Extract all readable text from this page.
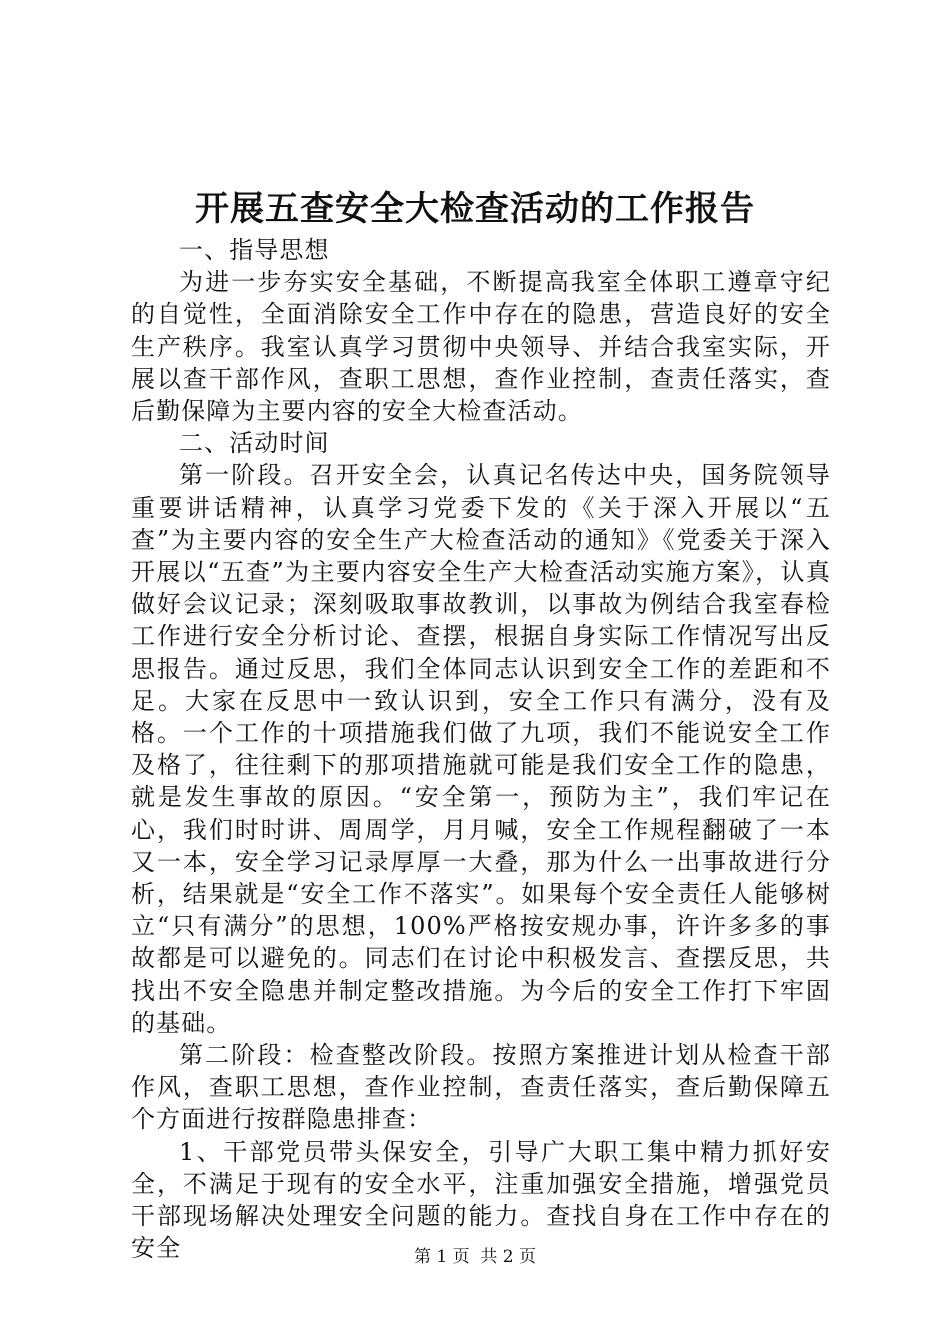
开展五查安全大检查活动的工作报告

一、指导思想

为进一步夯实安全基础，不断提高我室全体职工遵章守纪的自觉性，全面消除安全工作中存在的隐患，营造良好的安全生产秩序。我室认真学习贯彻中央领导、并结合我室实际，开展以查干部作风，查职工思想，查作业控制，查责任落实，查后勤保障为主要内容的安全大检查活动。

二、活动时间

第一阶段。召开安全会，认真记名传达中央，国务院领导重要讲话精神，认真学习党委下发的《关于深入开展以“五查”为主要内容的安全生产大检查活动的通知》《党委关于深入开展以“五查”为主要内容安全生产大检查活动实施方案》，认真做好会议记录；深刻吸取事故教训，以事故为例结合我室春检工作进行安全分析讨论、查摆，根据自身实际工作情况写出反思报告。通过反思，我们全体同志认识到安全工作的差距和不足。大家在反思中一致认识到，安全工作只有满分，没有及格。一个工作的十项措施我们做了九项，我们不能说安全工作及格了，往往剩下的那项措施就可能是我们安全工作的隐患，就是发生事故的原因。“安全第一，预防为主”，我们牢记在心，我们时时讲、周周学，月月喊，安全工作规程翻破了一本又一本，安全学习记录厚厚一大叠，那为什么一出事故进行分析，结果就是“安全工作不落实”。如果每个安全责任人能够树立“只有满分”的思想，100%严格按安规办事，许许多多的事故都是可以避免的。同志们在讨论中积极发言、查摆反思，共找出不安全隐患并制定整改措施。为今后的安全工作打下牢固的基础。

第二阶段：检查整改阶段。按照方案推进计划从检查干部作风，查职工思想，查作业控制，查责任落实，查后勤保障五个方面进行按群隐患排查：

1、干部党员带头保安全，引导广大职工集中精力抓好安全，不满足于现有的安全水平，注重加强安全措施，增强党员干部现场解决处理安全问题的能力。查找自身在工作中存在的安全	第 1 页  共 2 页
